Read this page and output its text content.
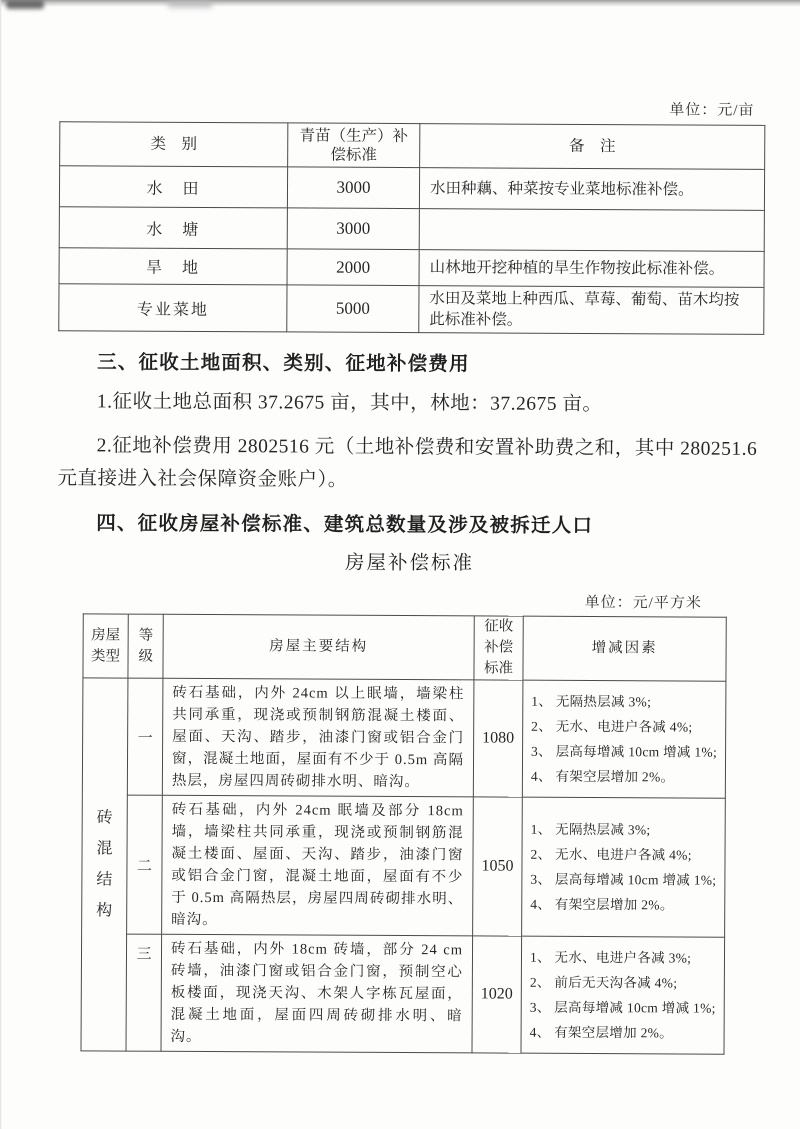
单位：元/亩
类　别	青苗（生产）补偿标准	备　注
水　田	3000	水田种藕、种菜按专业菜地标准补偿。
水　塘	3000	
旱　地	2000	山林地开挖种植的旱生作物按此标准补偿。
专业菜地	5000	水田及菜地上种西瓜、草莓、葡萄、苗木均按此标准补偿。
三、征收土地面积、类别、征地补偿费用

1.征收土地总面积 37.2675 亩，其中，林地：37.2675 亩。

2.征地补偿费用 2802516 元（土地补偿费和安置补助费之和，其中 280251.6 元直接进入社会保障资金账户）。

四、征收房屋补偿标准、建筑总数量及涉及被拆迁人口
房屋补偿标准
单位：元/平方米
房屋类型	等级	房屋主要结构	征收补偿标准	增减因素

砖混结构	一	砖石基础，内外 24cm 以上眠墙，墙梁柱共同承重，现浇或预制钢筋混凝土楼面、屋面、天沟、踏步，油漆门窗或铝合金门窗，混凝土地面，屋面有不少于 0.5m 高隔热层，房屋四周砖砌排水明、暗沟。	1080	1、 无隔热层减 3%;
2、 无水、电进户各减 4%;
3、 层高每增减 10cm 增减 1%;
4、 有架空层增加 2%。

	二	砖石基础，内外 24cm 眠墙及部分 18cm 墙，墙梁柱共同承重，现浇或预制钢筋混凝土楼面、屋面、天沟、踏步，油漆门窗或铝合金门窗，混凝土地面，屋面有不少于 0.5m 高隔热层，房屋四周砖砌排水明、暗沟。	1050	1、 无隔热层减 3%;
2、 无水、电进户各减 4%;
3、 层高每增减 10cm 增减 1%;
4、 有架空层增加 2%。

	三	砖石基础，内外 18cm 砖墙，部分 24 cm 砖墙，油漆门窗或铝合金门窗，预制空心板楼面，现浇天沟、木架人字栋瓦屋面，混凝土地面，屋面四周砖砌排水明、暗沟。	1020	1、 无水、电进户各减 3%;
2、 前后无天沟各减 4%;
3、 层高每增减 10cm 增减 1%;
4、 有架空层增加 2%。
